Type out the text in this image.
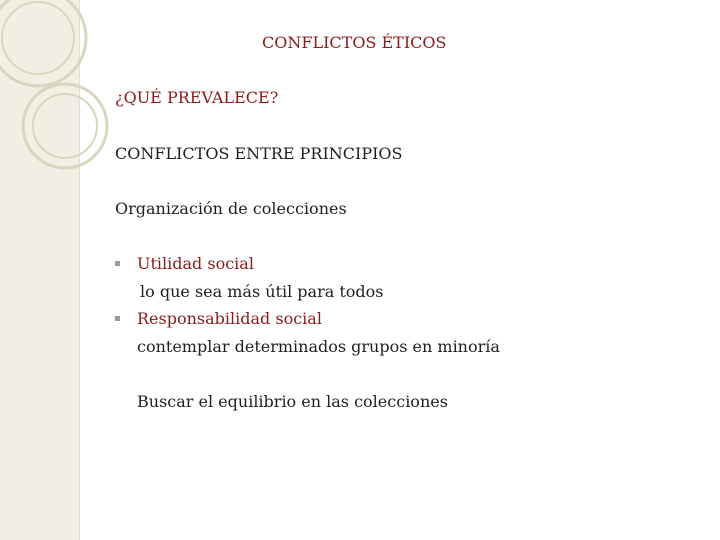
CONFLICTOS ÉTICOS
¿QUÉ PREVALECE?
CONFLICTOS ENTRE PRINCIPIOS
Organización de colecciones
Utilidad social
lo que sea más útil para todos
Responsabilidad social
contemplar determinados grupos en minoría
Buscar el equilibrio en las colecciones
